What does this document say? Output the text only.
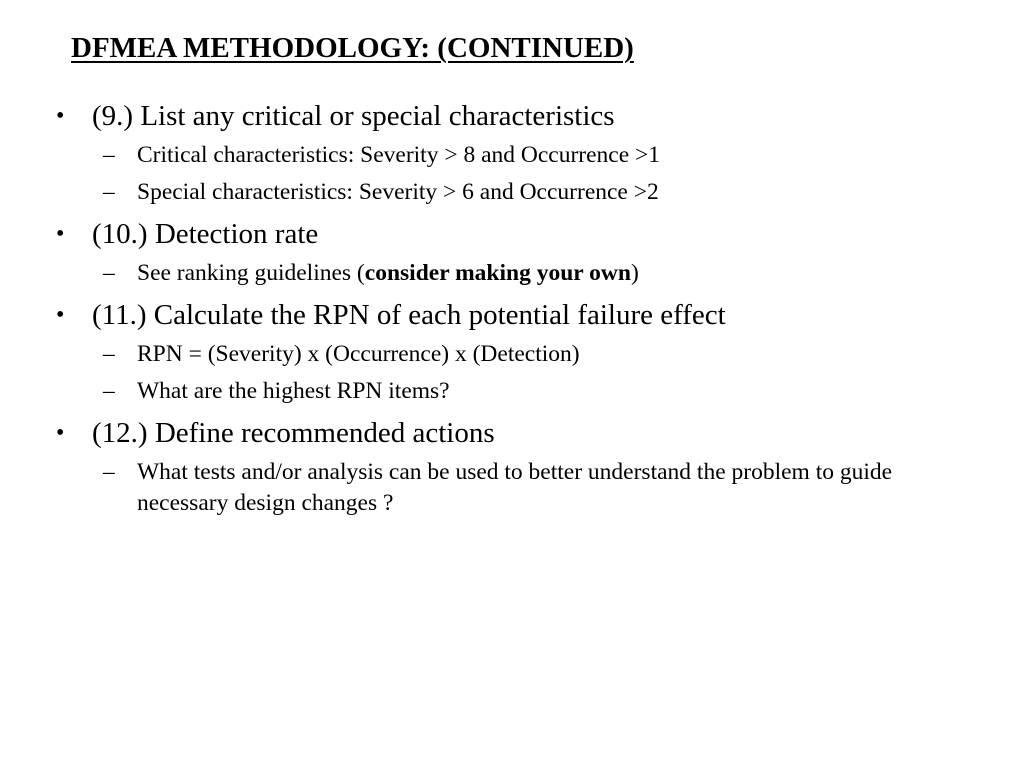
DFMEA METHODOLOGY: (CONTINUED)
• (9.) List any critical or special characteristics
– Critical characteristics: Severity > 8 and Occurrence >1
– Special characteristics: Severity > 6 and Occurrence >2
• (10.) Detection rate
– See ranking guidelines (consider making your own)
• (11.) Calculate the RPN of each potential failure effect
– RPN = (Severity) x (Occurrence) x (Detection)
– What are the highest RPN items?
• (12.) Define recommended actions
– What tests and/or analysis can be used to better understand the problem to guide necessary design changes ?
